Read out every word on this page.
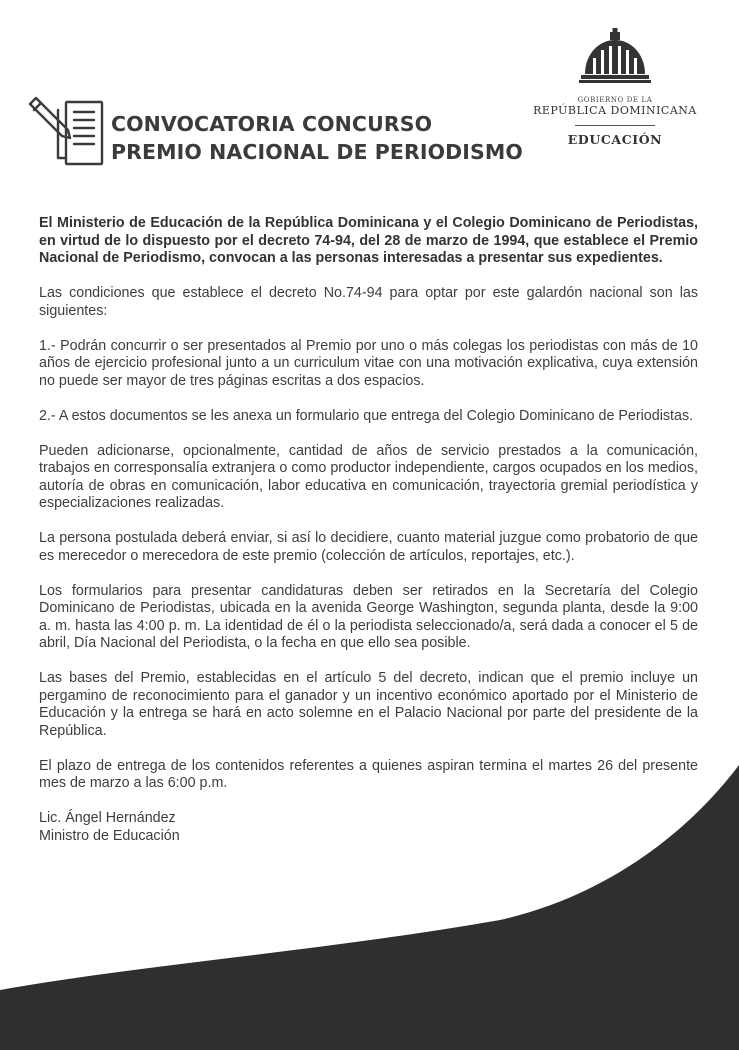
CONVOCATORIA CONCURSO
PREMIO NACIONAL DE PERIODISMO
GOBIERNO DE LA
REPÚBLICA DOMINICANA
EDUCACIÓN

El Ministerio de Educación de la República Dominicana y el Colegio Dominicano de Periodistas, en virtud de lo dispuesto por el decreto 74-94, del 28 de marzo de 1994, que establece el Premio Nacional de Periodismo, convocan a las personas interesadas a presentar sus expedientes.

Las condiciones que establece el decreto No.74-94 para optar por este galardón nacional son las siguientes:

1.- Podrán concurrir o ser presentados al Premio por uno o más colegas los periodistas con más de 10 años de ejercicio profesional junto a un curriculum vitae con una motivación explicativa, cuya extensión no puede ser mayor de tres páginas escritas a dos espacios.

2.- A estos documentos se les anexa un formulario que entrega del Colegio Dominicano de Periodistas.

Pueden adicionarse, opcionalmente, cantidad de años de servicio prestados a la comunicación, trabajos en corresponsalía extranjera o como productor independiente, cargos ocupados en los medios, autoría de obras en comunicación, labor educativa en comunicación, trayectoria gremial periodística y especializaciones realizadas.

La persona postulada deberá enviar, si así lo decidiere, cuanto material juzgue como probatorio de que es merecedor o merecedora de este premio (colección de artículos, reportajes, etc.).

Los formularios para presentar candidaturas deben ser retirados en la Secretaría del Colegio Dominicano de Periodistas, ubicada en la avenida George Washington, segunda planta, desde la 9:00 a. m. hasta las 4:00 p. m. La identidad de él o la periodista seleccionado/a, será dada a conocer el 5 de abril, Día Nacional del Periodista, o la fecha en que ello sea posible.

Las bases del Premio, establecidas en el artículo 5 del decreto, indican que el premio incluye un pergamino de reconocimiento para el ganador y un incentivo económico aportado por el Ministerio de Educación y la entrega se hará en acto solemne en el Palacio Nacional por parte del presidente de la República.

El plazo de entrega de los contenidos referentes a quienes aspiran termina el martes 26 del presente mes de marzo a las 6:00 p.m.

Lic. Ángel Hernández
Ministro de Educación
